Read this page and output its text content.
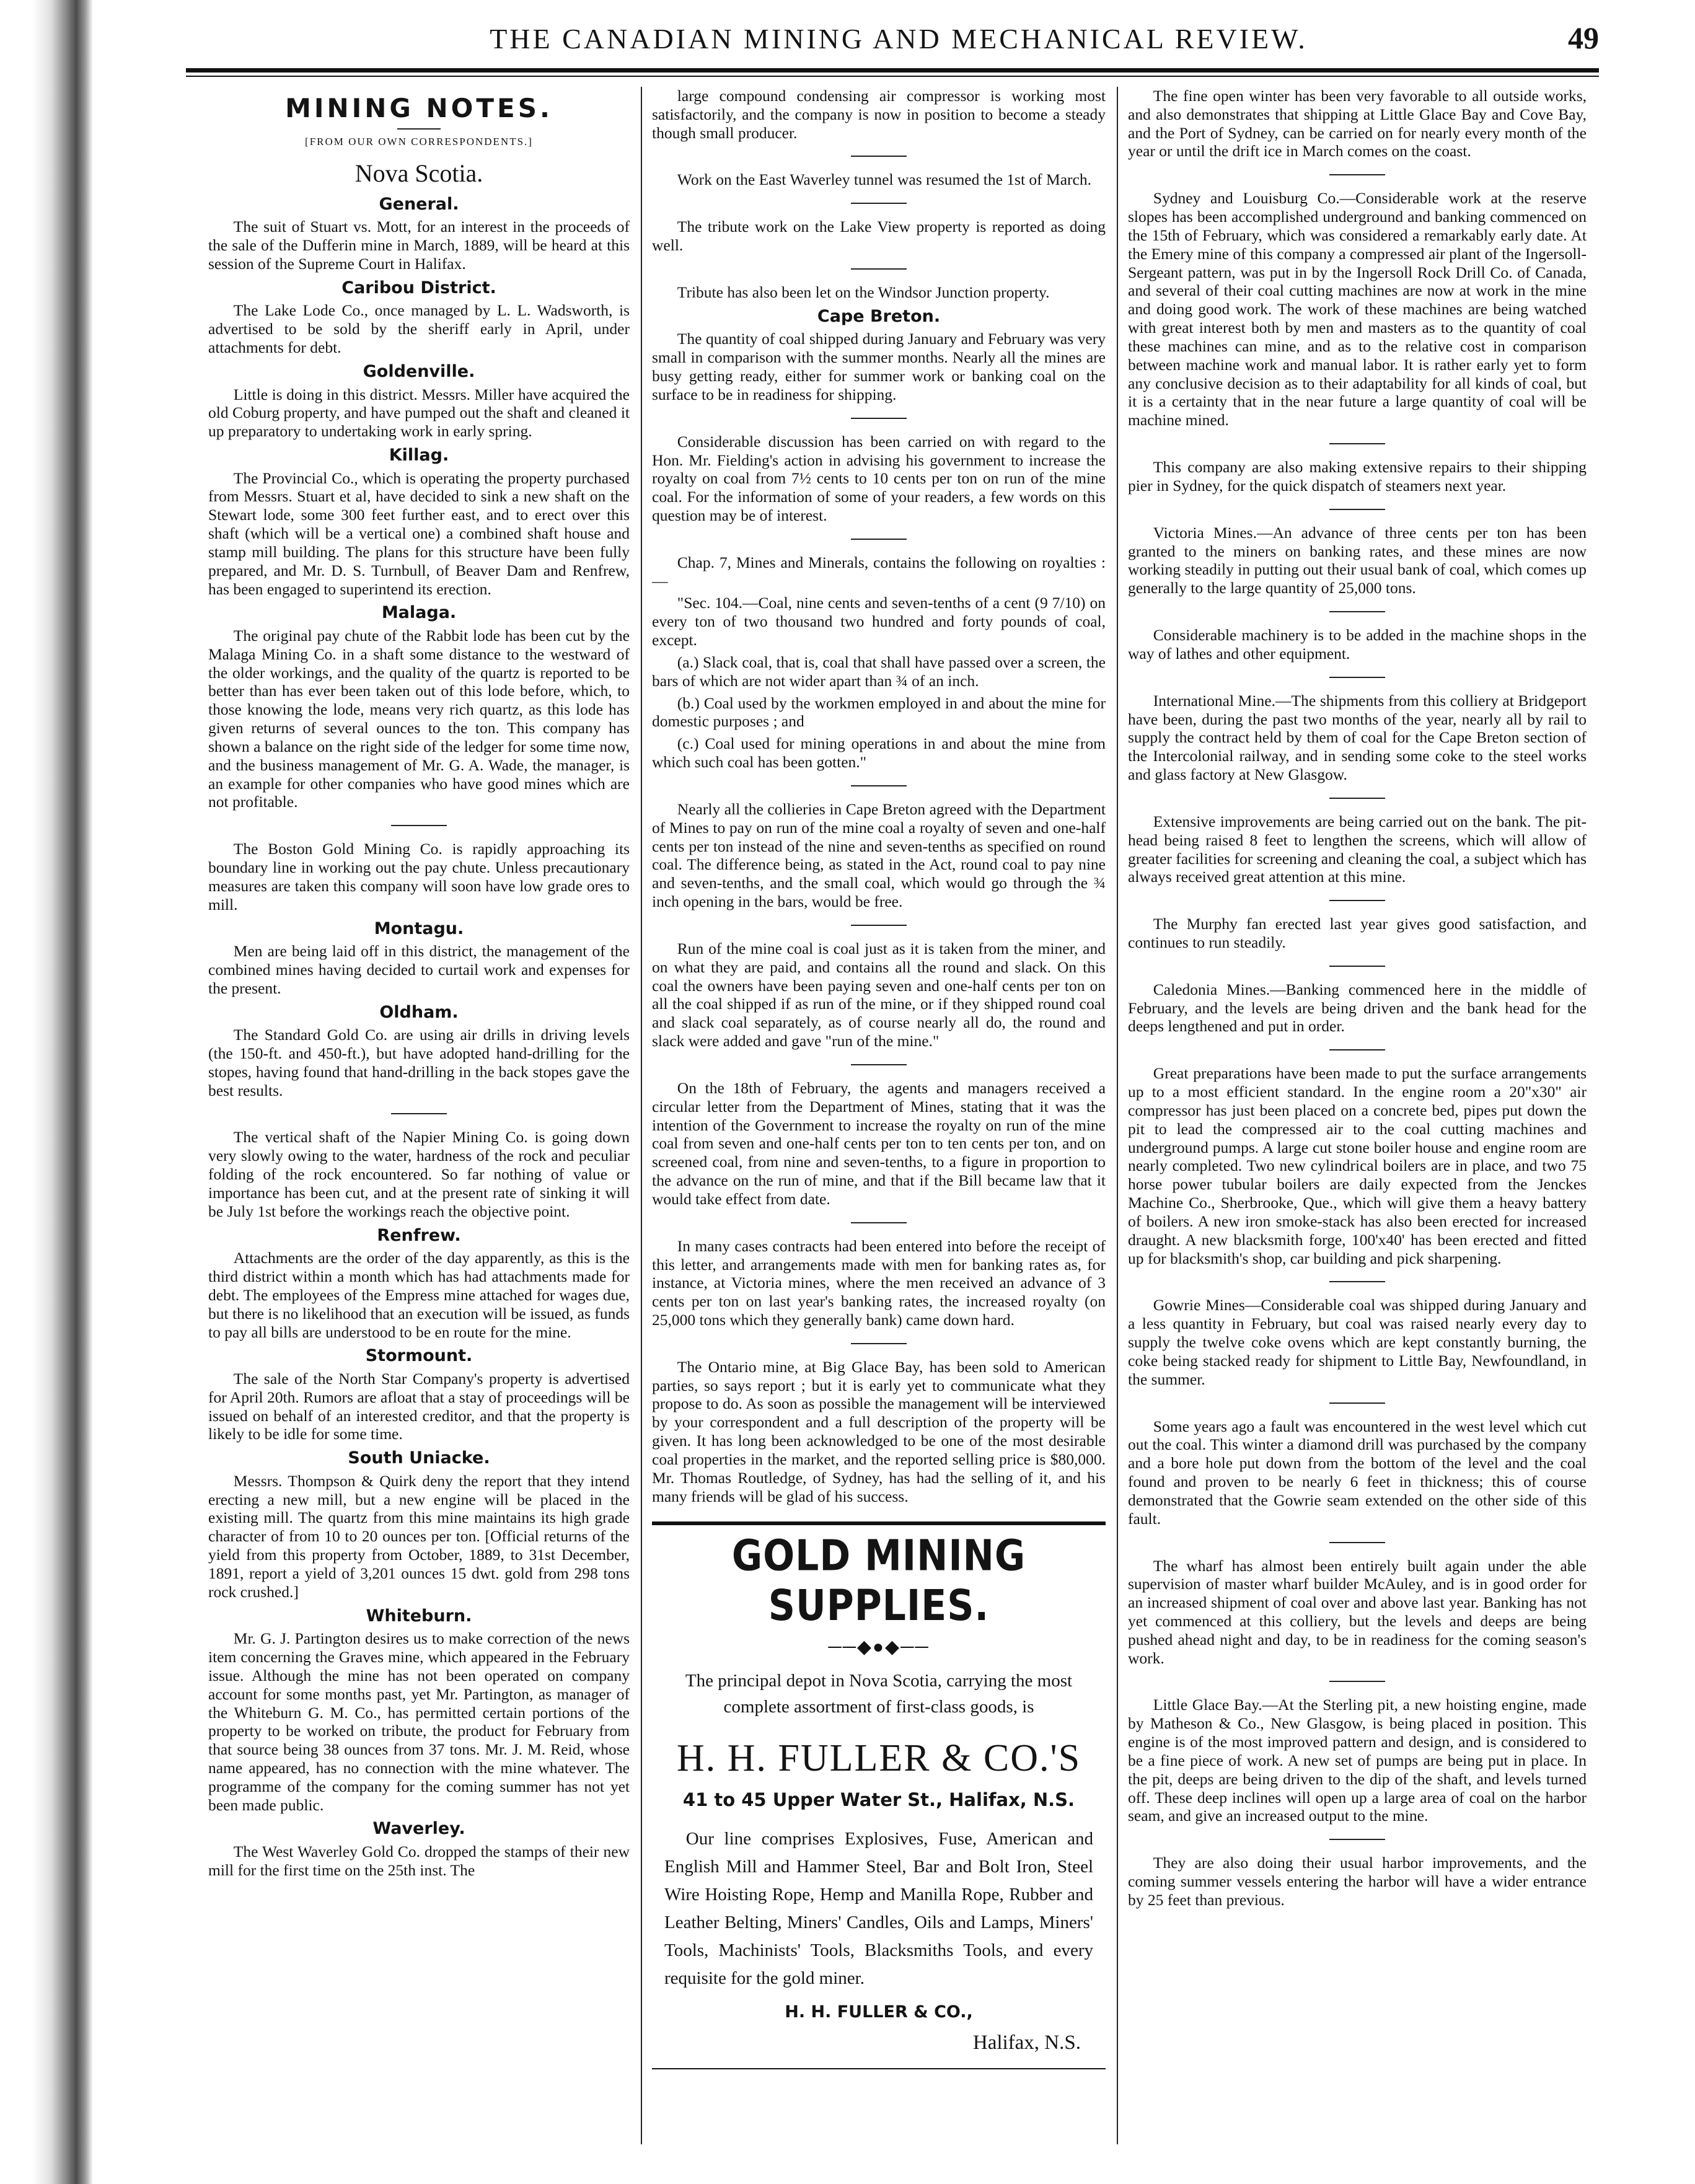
THE CANADIAN MINING AND MECHANICAL REVIEW.	49
MINING NOTES.
[FROM OUR OWN CORRESPONDENTS.]
Nova Scotia.
General.

The suit of Stuart vs. Mott, for an interest in the proceeds of the sale of the Dufferin mine in March, 1889, will be heard at this session of the Supreme Court in Halifax.

Caribou District.

The Lake Lode Co., once managed by L. L. Wadsworth, is advertised to be sold by the sheriff early in April, under attachments for debt.

Goldenville.

Little is doing in this district. Messrs. Miller have acquired the old Coburg property, and have pumped out the shaft and cleaned it up preparatory to undertaking work in early spring.

Killag.

The Provincial Co., which is operating the property purchased from Messrs. Stuart et al, have decided to sink a new shaft on the Stewart lode, some 300 feet further east, and to erect over this shaft (which will be a vertical one) a combined shaft house and stamp mill building. The plans for this structure have been fully prepared, and Mr. D. S. Turnbull, of Beaver Dam and Renfrew, has been engaged to superintend its erection.

Malaga.

The original pay chute of the Rabbit lode has been cut by the Malaga Mining Co. in a shaft some distance to the westward of the older workings, and the quality of the quartz is reported to be better than has ever been taken out of this lode before, which, to those knowing the lode, means very rich quartz, as this lode has given returns of several ounces to the ton. This company has shown a balance on the right side of the ledger for some time now, and the business management of Mr. G. A. Wade, the manager, is an example for other companies who have good mines which are not profitable.

The Boston Gold Mining Co. is rapidly approaching its boundary line in working out the pay chute. Unless precautionary measures are taken this company will soon have low grade ores to mill.

Montagu.

Men are being laid off in this district, the management of the combined mines having decided to curtail work and expenses for the present.

Oldham.

The Standard Gold Co. are using air drills in driving levels (the 150-ft. and 450-ft.), but have adopted hand-drilling for the stopes, having found that hand-drilling in the back stopes gave the best results.

The vertical shaft of the Napier Mining Co. is going down very slowly owing to the water, hardness of the rock and peculiar folding of the rock encountered. So far nothing of value or importance has been cut, and at the present rate of sinking it will be July 1st before the workings reach the objective point.

Renfrew.

Attachments are the order of the day apparently, as this is the third district within a month which has had attachments made for debt. The employees of the Empress mine attached for wages due, but there is no likelihood that an execution will be issued, as funds to pay all bills are understood to be en route for the mine.

Stormount.

The sale of the North Star Company's property is advertised for April 20th. Rumors are afloat that a stay of proceedings will be issued on behalf of an interested creditor, and that the property is likely to be idle for some time.

South Uniacke.

Messrs. Thompson & Quirk deny the report that they intend erecting a new mill, but a new engine will be placed in the existing mill. The quartz from this mine maintains its high grade character of from 10 to 20 ounces per ton. [Official returns of the yield from this property from October, 1889, to 31st December, 1891, report a yield of 3,201 ounces 15 dwt. gold from 298 tons rock crushed.]

Whiteburn.

Mr. G. J. Partington desires us to make correction of the news item concerning the Graves mine, which appeared in the February issue. Although the mine has not been operated on company account for some months past, yet Mr. Partington, as manager of the Whiteburn G. M. Co., has permitted certain portions of the property to be worked on tribute, the product for February from that source being 38 ounces from 37 tons. Mr. J. M. Reid, whose name appeared, has no connection with the mine whatever. The programme of the company for the coming summer has not yet been made public.

Waverley.

The West Waverley Gold Co. dropped the stamps of their new mill for the first time on the 25th inst. The

large compound condensing air compressor is working most satisfactorily, and the company is now in position to become a steady though small producer.

Work on the East Waverley tunnel was resumed the 1st of March.

The tribute work on the Lake View property is reported as doing well.

Tribute has also been let on the Windsor Junction property.

Cape Breton.

The quantity of coal shipped during January and February was very small in comparison with the summer months. Nearly all the mines are busy getting ready, either for summer work or banking coal on the surface to be in readiness for shipping.

Considerable discussion has been carried on with regard to the Hon. Mr. Fielding's action in advising his government to increase the royalty on coal from 7½ cents to 10 cents per ton on run of the mine coal. For the information of some of your readers, a few words on this question may be of interest.

Chap. 7, Mines and Minerals, contains the following on royalties :—

"Sec. 104.—Coal, nine cents and seven-tenths of a cent (9 7/10) on every ton of two thousand two hundred and forty pounds of coal, except.

(a.) Slack coal, that is, coal that shall have passed over a screen, the bars of which are not wider apart than ¾ of an inch.

(b.) Coal used by the workmen employed in and about the mine for domestic purposes ; and

(c.) Coal used for mining operations in and about the mine from which such coal has been gotten."

Nearly all the collieries in Cape Breton agreed with the Department of Mines to pay on run of the mine coal a royalty of seven and one-half cents per ton instead of the nine and seven-tenths as specified on round coal. The difference being, as stated in the Act, round coal to pay nine and seven-tenths, and the small coal, which would go through the ¾ inch opening in the bars, would be free.

Run of the mine coal is coal just as it is taken from the miner, and on what they are paid, and contains all the round and slack. On this coal the owners have been paying seven and one-half cents per ton on all the coal shipped if as run of the mine, or if they shipped round coal and slack coal separately, as of course nearly all do, the round and slack were added and gave "run of the mine."

On the 18th of February, the agents and managers received a circular letter from the Department of Mines, stating that it was the intention of the Government to increase the royalty on run of the mine coal from seven and one-half cents per ton to ten cents per ton, and on screened coal, from nine and seven-tenths, to a figure in proportion to the advance on the run of mine, and that if the Bill became law that it would take effect from date.

In many cases contracts had been entered into before the receipt of this letter, and arrangements made with men for banking rates as, for instance, at Victoria mines, where the men received an advance of 3 cents per ton on last year's banking rates, the increased royalty (on 25,000 tons which they generally bank) came down hard.

The Ontario mine, at Big Glace Bay, has been sold to American parties, so says report ; but it is early yet to communicate what they propose to do. As soon as possible the management will be interviewed by your correspondent and a full description of the property will be given. It has long been acknowledged to be one of the most desirable coal properties in the market, and the reported selling price is $80,000. Mr. Thomas Routledge, of Sydney, has had the selling of it, and his many friends will be glad of his success.

GOLD MINING SUPPLIES.
──◆●◆──

The principal depot in Nova Scotia, carrying the most complete assortment of first-class goods, is

H. H. FULLER & CO.'S
41 to 45 Upper Water St., Halifax, N.S.

Our line comprises Explosives, Fuse, American and English Mill and Hammer Steel, Bar and Bolt Iron, Steel Wire Hoisting Rope, Hemp and Manilla Rope, Rubber and Leather Belting, Miners' Candles, Oils and Lamps, Miners' Tools, Machinists' Tools, Blacksmiths Tools, and every requisite for the gold miner.

H. H. FULLER & CO.,
Halifax, N.S.

The fine open winter has been very favorable to all outside works, and also demonstrates that shipping at Little Glace Bay and Cove Bay, and the Port of Sydney, can be carried on for nearly every month of the year or until the drift ice in March comes on the coast.

Sydney and Louisburg Co.—Considerable work at the reserve slopes has been accomplished underground and banking commenced on the 15th of February, which was considered a remarkably early date. At the Emery mine of this company a compressed air plant of the Ingersoll-Sergeant pattern, was put in by the Ingersoll Rock Drill Co. of Canada, and several of their coal cutting machines are now at work in the mine and doing good work. The work of these machines are being watched with great interest both by men and masters as to the quantity of coal these machines can mine, and as to the relative cost in comparison between machine work and manual labor. It is rather early yet to form any conclusive decision as to their adaptability for all kinds of coal, but it is a certainty that in the near future a large quantity of coal will be machine mined.

This company are also making extensive repairs to their shipping pier in Sydney, for the quick dispatch of steamers next year.

Victoria Mines.—An advance of three cents per ton has been granted to the miners on banking rates, and these mines are now working steadily in putting out their usual bank of coal, which comes up generally to the large quantity of 25,000 tons.

Considerable machinery is to be added in the machine shops in the way of lathes and other equipment.

International Mine.—The shipments from this colliery at Bridgeport have been, during the past two months of the year, nearly all by rail to supply the contract held by them of coal for the Cape Breton section of the Intercolonial railway, and in sending some coke to the steel works and glass factory at New Glasgow.

Extensive improvements are being carried out on the bank. The pit-head being raised 8 feet to lengthen the screens, which will allow of greater facilities for screening and cleaning the coal, a subject which has always received great attention at this mine.

The Murphy fan erected last year gives good satisfaction, and continues to run steadily.

Caledonia Mines.—Banking commenced here in the middle of February, and the levels are being driven and the bank head for the deeps lengthened and put in order.

Great preparations have been made to put the surface arrangements up to a most efficient standard. In the engine room a 20"x30" air compressor has just been placed on a concrete bed, pipes put down the pit to lead the compressed air to the coal cutting machines and underground pumps. A large cut stone boiler house and engine room are nearly completed. Two new cylindrical boilers are in place, and two 75 horse power tubular boilers are daily expected from the Jenckes Machine Co., Sherbrooke, Que., which will give them a heavy battery of boilers. A new iron smoke-stack has also been erected for increased draught. A new blacksmith forge, 100'x40' has been erected and fitted up for blacksmith's shop, car building and pick sharpening.

Gowrie Mines—Considerable coal was shipped during January and a less quantity in February, but coal was raised nearly every day to supply the twelve coke ovens which are kept constantly burning, the coke being stacked ready for shipment to Little Bay, Newfoundland, in the summer.

Some years ago a fault was encountered in the west level which cut out the coal. This winter a diamond drill was purchased by the company and a bore hole put down from the bottom of the level and the coal found and proven to be nearly 6 feet in thickness; this of course demonstrated that the Gowrie seam extended on the other side of this fault.

The wharf has almost been entirely built again under the able supervision of master wharf builder McAuley, and is in good order for an increased shipment of coal over and above last year. Banking has not yet commenced at this colliery, but the levels and deeps are being pushed ahead night and day, to be in readiness for the coming season's work.

Little Glace Bay.—At the Sterling pit, a new hoisting engine, made by Matheson & Co., New Glasgow, is being placed in position. This engine is of the most improved pattern and design, and is considered to be a fine piece of work. A new set of pumps are being put in place. In the pit, deeps are being driven to the dip of the shaft, and levels turned off. These deep inclines will open up a large area of coal on the harbor seam, and give an increased output to the mine.

They are also doing their usual harbor improvements, and the coming summer vessels entering the harbor will have a wider entrance by 25 feet than previous.
